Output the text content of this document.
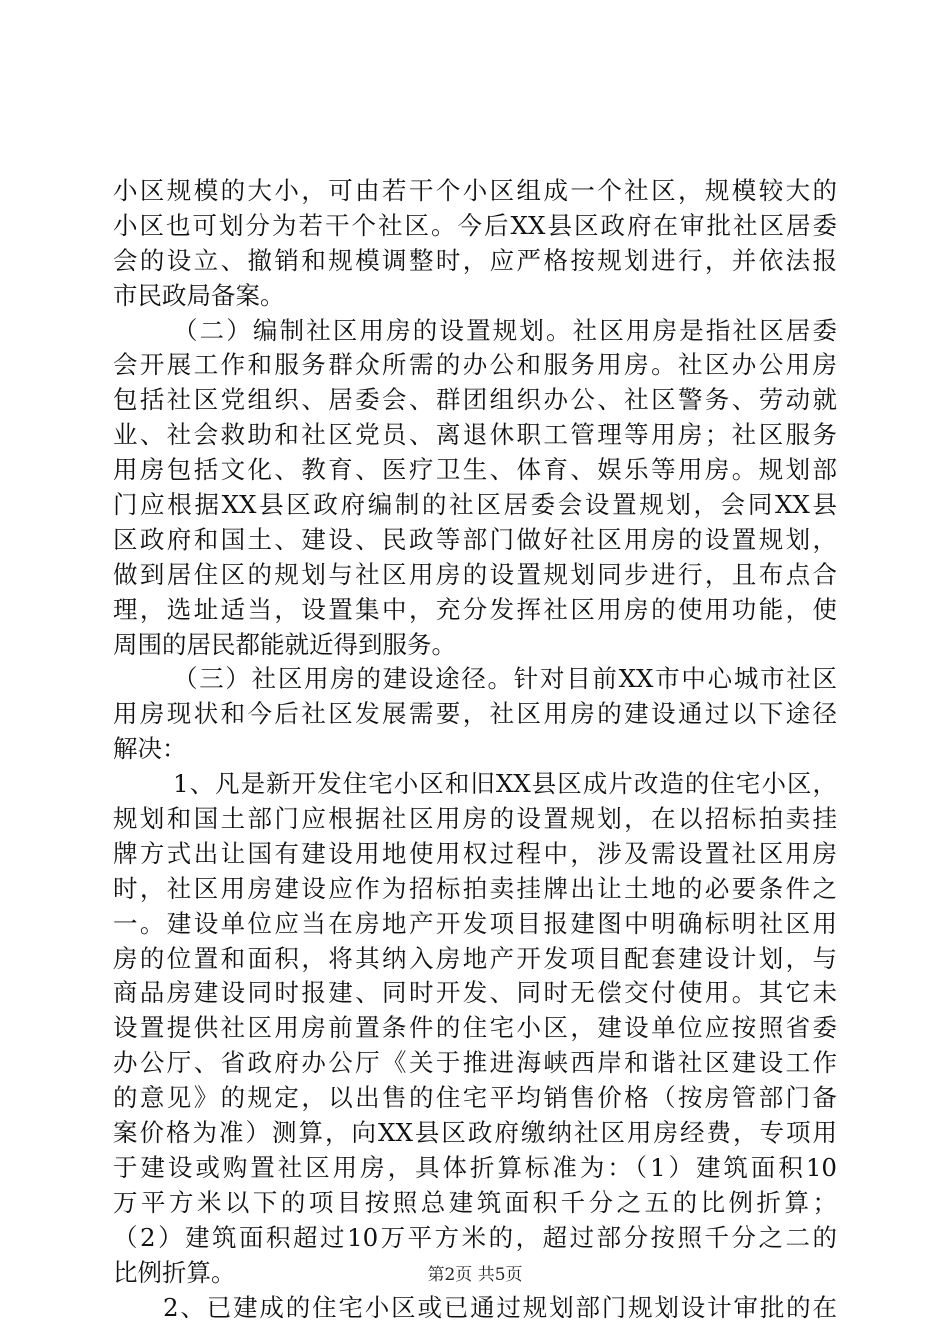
小区规模的大小，可由若干个小区组成一个社区，规模较大的
小区也可划分为若干个社区。今后XX县区政府在审批社区居委
会的设立、撤销和规模调整时，应严格按规划进行，并依法报
市民政局备案。
（二）编制社区用房的设置规划。社区用房是指社区居委
会开展工作和服务群众所需的办公和服务用房。社区办公用房
包括社区党组织、居委会、群团组织办公、社区警务、劳动就
业、社会救助和社区党员、离退休职工管理等用房；社区服务
用房包括文化、教育、医疗卫生、体育、娱乐等用房。规划部
门应根据XX县区政府编制的社区居委会设置规划，会同XX县
区政府和国土、建设、民政等部门做好社区用房的设置规划，
做到居住区的规划与社区用房的设置规划同步进行，且布点合
理，选址适当，设置集中，充分发挥社区用房的使用功能，使
周围的居民都能就近得到服务。
（三）社区用房的建设途径。针对目前XX市中心城市社区
用房现状和今后社区发展需要，社区用房的建设通过以下途径
解决：
1、凡是新开发住宅小区和旧XX县区成片改造的住宅小区，
规划和国土部门应根据社区用房的设置规划，在以招标拍卖挂
牌方式出让国有建设用地使用权过程中，涉及需设置社区用房
时，社区用房建设应作为招标拍卖挂牌出让土地的必要条件之
一。建设单位应当在房地产开发项目报建图中明确标明社区用
房的位置和面积，将其纳入房地产开发项目配套建设计划，与
商品房建设同时报建、同时开发、同时无偿交付使用。其它未
设置提供社区用房前置条件的住宅小区，建设单位应按照省委
办公厅、省政府办公厅《关于推进海峡西岸和谐社区建设工作
的意见》的规定，以出售的住宅平均销售价格（按房管部门备
案价格为准）测算，向XX县区政府缴纳社区用房经费，专项用
于建设或购置社区用房，具体折算标准为：（1）建筑面积10
万平方米以下的项目按照总建筑面积千分之五的比例折算；
（2）建筑面积超过10万平方米的，超过部分按照千分之二的
比例折算。
2、已建成的住宅小区或已通过规划部门规划设计审批的在
第2页 共5页
